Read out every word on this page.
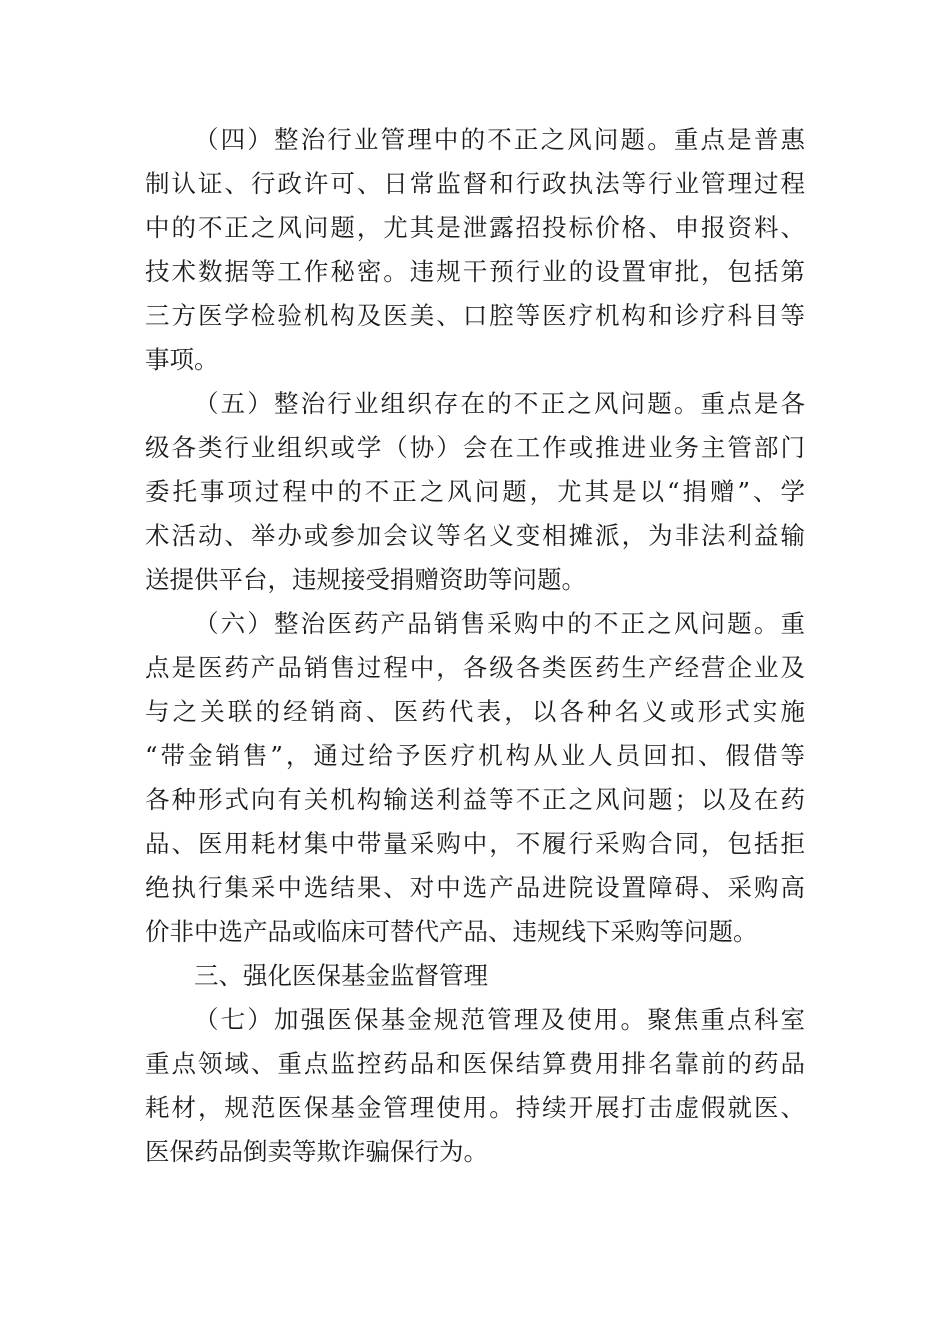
（四）整治行业管理中的不正之风问题。重点是普惠
制认证、行政许可、日常监督和行政执法等行业管理过程
中的不正之风问题，尤其是泄露招投标价格、申报资料、
技术数据等工作秘密。违规干预行业的设置审批，包括第
三方医学检验机构及医美、口腔等医疗机构和诊疗科目等
事项。
（五）整治行业组织存在的不正之风问题。重点是各
级各类行业组织或学（协）会在工作或推进业务主管部门
委托事项过程中的不正之风问题，尤其是以“捐赠”、学
术活动、举办或参加会议等名义变相摊派，为非法利益输
送提供平台，违规接受捐赠资助等问题。
（六）整治医药产品销售采购中的不正之风问题。重
点是医药产品销售过程中，各级各类医药生产经营企业及
与之关联的经销商、医药代表，以各种名义或形式实施
“带金销售”，通过给予医疗机构从业人员回扣、假借等
各种形式向有关机构输送利益等不正之风问题；以及在药
品、医用耗材集中带量采购中，不履行采购合同，包括拒
绝执行集采中选结果、对中选产品进院设置障碍、采购高
价非中选产品或临床可替代产品、违规线下采购等问题。
三、强化医保基金监督管理
（七）加强医保基金规范管理及使用。聚焦重点科室
重点领域、重点监控药品和医保结算费用排名靠前的药品
耗材，规范医保基金管理使用。持续开展打击虚假就医、
医保药品倒卖等欺诈骗保行为。
